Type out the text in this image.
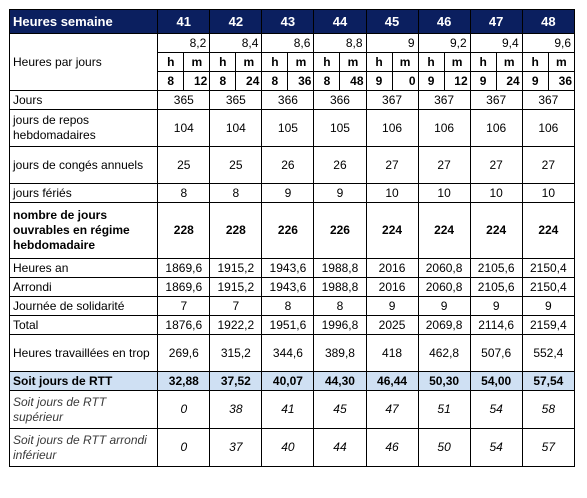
Heures semaine	41		42		43		44		45		46		47		48	
Heures par jours	8,2		8,4		8,6		8,8		9		9,2		9,4		9,6	
	h	m	h	m	h	m	h	m	h	m	h	m	h	m	h	m
	8	12	8	24	8	36	8	48	9	0	9	12	9	24	9	36
Jours	365		365		366		366		367		367		367		367	
jours de repos hebdomadaires	104		104		105		105		106		106		106		106	
jours de congés annuels	25		25		26		26		27		27		27		27	
jours fériés	8		8		9		9		10		10		10		10	
nombre de jours ouvrables en régime hebdomadaire	228		228		226		226		224		224		224		224	
Heures an	1869,6		1915,2		1943,6		1988,8		2016		2060,8		2105,6		2150,4	
Arrondi	1869,6		1915,2		1943,6		1988,8		2016		2060,8		2105,6		2150,4	
Journée de solidarité	7		7		8		8		9		9		9		9	
Total	1876,6		1922,2		1951,6		1996,8		2025		2069,8		2114,6		2159,4	
Heures travaillées en trop	269,6		315,2		344,6		389,8		418		462,8		507,6		552,4	
Soit jours de RTT	32,88		37,52		40,07		44,30		46,44		50,30		54,00		57,54	
Soit jours de RTT supérieur	0		38		41		45		47		51		54		58	
Soit jours de RTT arrondi inférieur	0		37		40		44		46		50		54		57	
